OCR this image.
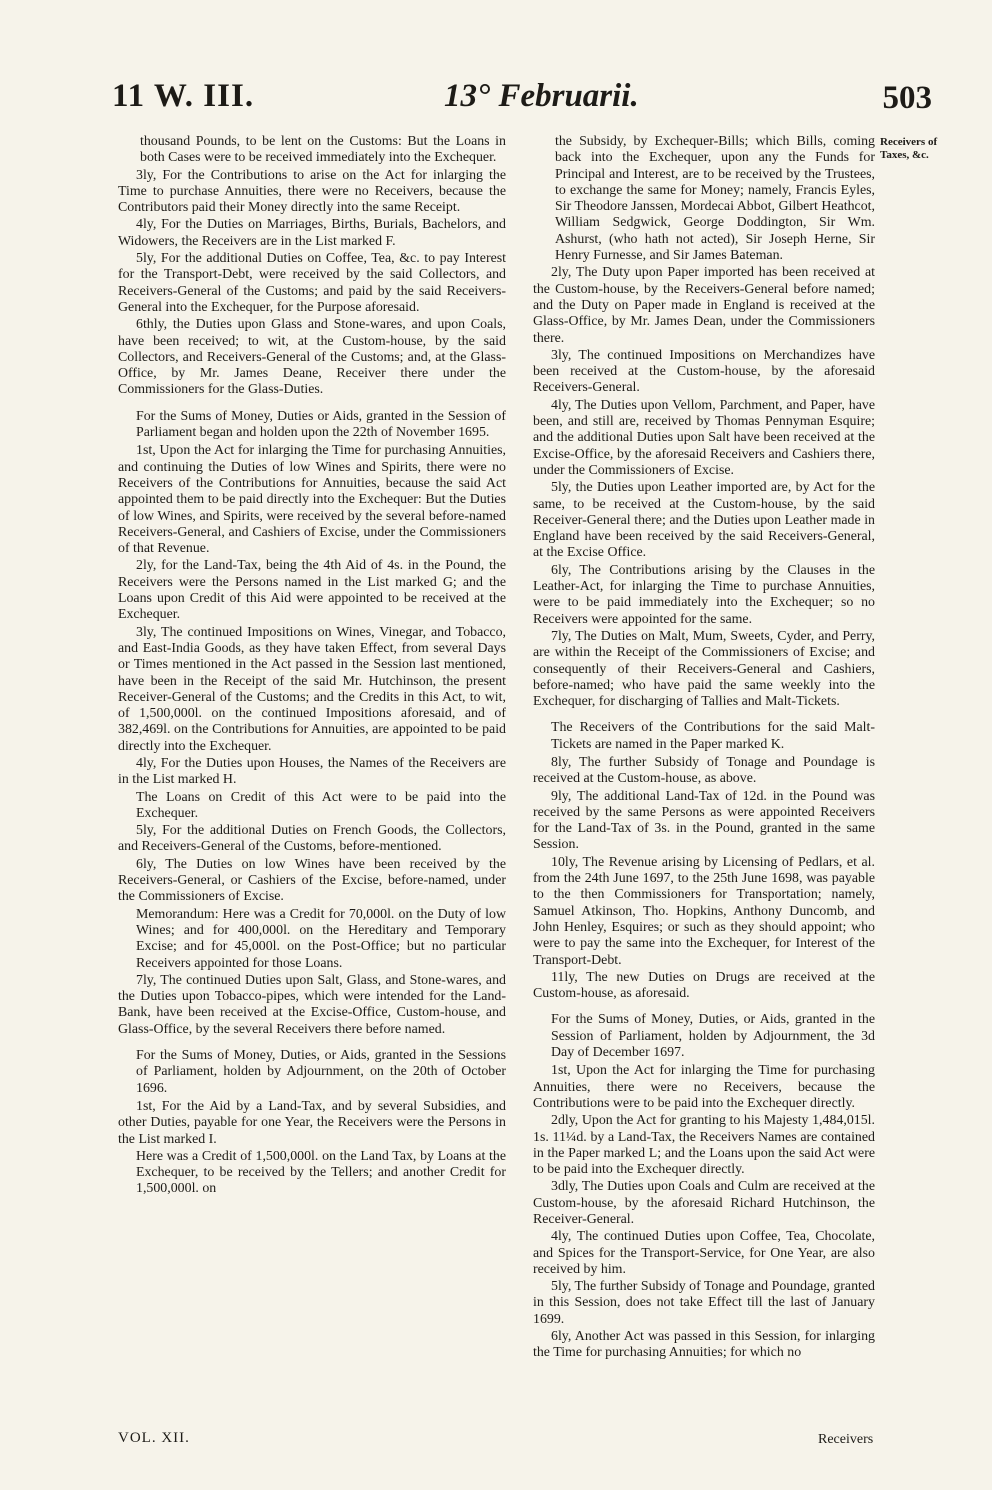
11 W. III.	13° Februarii.	503

thousand Pounds, to be lent on the Customs: But the Loans in both Cases were to be received immediately into the Exchequer.

3ly, For the Contributions to arise on the Act for inlarging the Time to purchase Annuities, there were no Receivers, because the Contributors paid their Money directly into the same Receipt.

4ly, For the Duties on Marriages, Births, Burials, Bachelors, and Widowers, the Receivers are in the List marked F.

5ly, For the additional Duties on Coffee, Tea, &c. to pay Interest for the Transport-Debt, were received by the said Collectors, and Receivers-General of the Customs; and paid by the said Receivers-General into the Exchequer, for the Purpose aforesaid.

6thly, the Duties upon Glass and Stone-wares, and upon Coals, have been received; to wit, at the Custom-house, by the said Collectors, and Receivers-General of the Customs; and, at the Glass-Office, by Mr. James Deane, Receiver there under the Commissioners for the Glass-Duties.

For the Sums of Money, Duties or Aids, granted in the Session of Parliament began and holden upon the 22th of November 1695.

1st, Upon the Act for inlarging the Time for purchasing Annuities, and continuing the Duties of low Wines and Spirits, there were no Receivers of the Contributions for Annuities, because the said Act appointed them to be paid directly into the Exchequer: But the Duties of low Wines, and Spirits, were received by the several before-named Receivers-General, and Cashiers of Excise, under the Commissioners of that Revenue.

2ly, for the Land-Tax, being the 4th Aid of 4s. in the Pound, the Receivers were the Persons named in the List marked G; and the Loans upon Credit of this Aid were appointed to be received at the Exchequer.

3ly, The continued Impositions on Wines, Vinegar, and Tobacco, and East-India Goods, as they have taken Effect, from several Days or Times mentioned in the Act passed in the Session last mentioned, have been in the Receipt of the said Mr. Hutchinson, the present Receiver-General of the Customs; and the Credits in this Act, to wit, of 1,500,000l. on the continued Impositions aforesaid, and of 382,469l. on the Contributions for Annuities, are appointed to be paid directly into the Exchequer.

4ly, For the Duties upon Houses, the Names of the Receivers are in the List marked H.

The Loans on Credit of this Act were to be paid into the Exchequer.

5ly, For the additional Duties on French Goods, the Collectors, and Receivers-General of the Customs, before-mentioned.

6ly, The Duties on low Wines have been received by the Receivers-General, or Cashiers of the Excise, before-named, under the Commissioners of Excise.

Memorandum: Here was a Credit for 70,000l. on the Duty of low Wines; and for 400,000l. on the Hereditary and Temporary Excise; and for 45,000l. on the Post-Office; but no particular Receivers appointed for those Loans.

7ly, The continued Duties upon Salt, Glass, and Stone-wares, and the Duties upon Tobacco-pipes, which were intended for the Land-Bank, have been received at the Excise-Office, Custom-house, and Glass-Office, by the several Receivers there before named.

For the Sums of Money, Duties, or Aids, granted in the Sessions of Parliament, holden by Adjournment, on the 20th of October 1696.

1st, For the Aid by a Land-Tax, and by several Subsidies, and other Duties, payable for one Year, the Receivers were the Persons in the List marked I.

Here was a Credit of 1,500,000l. on the Land Tax, by Loans at the Exchequer, to be received by the Tellers; and another Credit for 1,500,000l. on

the Subsidy, by Exchequer-Bills; which Bills, coming back into the Exchequer, upon any the Funds for Principal and Interest, are to be received by the Trustees, to exchange the same for Money; namely, Francis Eyles, Sir Theodore Janssen, Mordecai Abbot, Gilbert Heathcot, William Sedgwick, George Doddington, Sir Wm. Ashurst, (who hath not acted), Sir Joseph Herne, Sir Henry Furnesse, and Sir James Bateman.

2ly, The Duty upon Paper imported has been received at the Custom-house, by the Receivers-General before named; and the Duty on Paper made in England is received at the Glass-Office, by Mr. James Dean, under the Commissioners there.

3ly, The continued Impositions on Merchandizes have been received at the Custom-house, by the aforesaid Receivers-General.

4ly, The Duties upon Vellom, Parchment, and Paper, have been, and still are, received by Thomas Pennyman Esquire; and the additional Duties upon Salt have been received at the Excise-Office, by the aforesaid Receivers and Cashiers there, under the Commissioners of Excise.

5ly, the Duties upon Leather imported are, by Act for the same, to be received at the Custom-house, by the said Receiver-General there; and the Duties upon Leather made in England have been received by the said Receivers-General, at the Excise Office.

6ly, The Contributions arising by the Clauses in the Leather-Act, for inlarging the Time to purchase Annuities, were to be paid immediately into the Exchequer; so no Receivers were appointed for the same.

7ly, The Duties on Malt, Mum, Sweets, Cyder, and Perry, are within the Receipt of the Commissioners of Excise; and consequently of their Receivers-General and Cashiers, before-named; who have paid the same weekly into the Exchequer, for discharging of Tallies and Malt-Tickets.

The Receivers of the Contributions for the said Malt-Tickets are named in the Paper marked K.

8ly, The further Subsidy of Tonage and Poundage is received at the Custom-house, as above.

9ly, The additional Land-Tax of 12d. in the Pound was received by the same Persons as were appointed Receivers for the Land-Tax of 3s. in the Pound, granted in the same Session.

10ly, The Revenue arising by Licensing of Pedlars, et al. from the 24th June 1697, to the 25th June 1698, was payable to the then Commissioners for Transportation; namely, Samuel Atkinson, Tho. Hopkins, Anthony Duncomb, and John Henley, Esquires; or such as they should appoint; who were to pay the same into the Exchequer, for Interest of the Transport-Debt.

11ly, The new Duties on Drugs are received at the Custom-house, as aforesaid.

For the Sums of Money, Duties, or Aids, granted in the Session of Parliament, holden by Adjournment, the 3d Day of December 1697.

1st, Upon the Act for inlarging the Time for purchasing Annuities, there were no Receivers, because the Contributions were to be paid into the Exchequer directly.

2dly, Upon the Act for granting to his Majesty 1,484,015l. 1s. 11¼d. by a Land-Tax, the Receivers Names are contained in the Paper marked L; and the Loans upon the said Act were to be paid into the Exchequer directly.

3dly, The Duties upon Coals and Culm are received at the Custom-house, by the aforesaid Richard Hutchinson, the Receiver-General.

4ly, The continued Duties upon Coffee, Tea, Chocolate, and Spices for the Transport-Service, for One Year, are also received by him.

5ly, The further Subsidy of Tonage and Poundage, granted in this Session, does not take Effect till the last of January 1699.

6ly, Another Act was passed in this Session, for inlarging the Time for purchasing Annuities; for which no

Receivers of Taxes, &c.
VOL. XII.	Receivers
